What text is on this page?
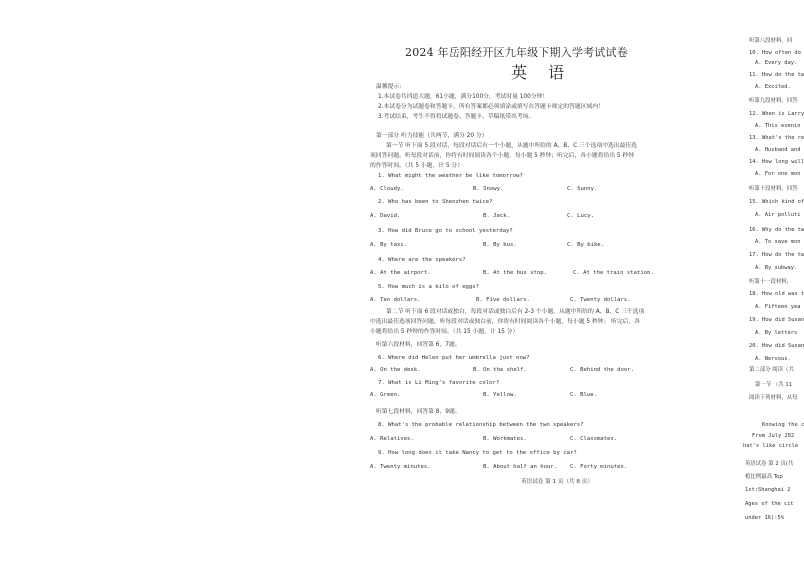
2024 年岳阳经开区九年级下期入学考试试卷
英 语
温馨提示：
1.本试卷共四道大题，61小题，满分100分，考试时量 100分钟！
2.本试卷分为试题卷和答题卡，所有答案都必须填涂或填写在答题卡规定的答题区域内！
3.考试结束，考生不得将试题卷、答题卡、草稿纸带出考场。
第一部分 听力技能（共两节，满分 20 分）
第一节 听下面 5 段对话，每段对话后有一个小题，从题中所给的 A、B、C 三个选项中选出最佳选
项回答问题。听每段对话前，你将有时间阅读各个小题，每小题 5 秒钟；听完后，各小题将给出 5 秒钟
的作答时间。（共 5 小题，计 5 分）
1. What might the weather be like tomorrow?
A. Cloudy.	B. Snowy.	C. Sunny.
2. Who has been to Shenzhen twice?
A. David.	B. Jack.	C. Lucy.
3. How did Bruce go to school yesterday?
A. By taxi.	B. By bus.	C. By bike.
4. Where are the speakers?
A. At the airport.	B. At the bus stop.	C. At the train station.
5. How much is a kilo of eggs?
A. Ten dollars.	B. Five dollars.	C. Twenty dollars.
第二节 听下面 6 段对话或独白，每段对话或独白后有 2-3 个小题，从题中所给的 A、B、C 三个选项
中选出最佳选项回答问题。听每段对话或独白前，你将有时间阅读各个小题，每小题 5 秒钟； 听完后，各
小题将给出 5 秒钟的作答时间。（共 15 小题，计 15 分）
听第六段材料，回答第 6、7题。
6. Where did Helen put her umbrella just now?
A. On the desk.	B. On the shelf.	C. Behind the door.
7. What is Li Ming's favorite color?
A. Green.	B. Yellow.	C. Blue.
听第七段材料，回答第 8、9题。
8. What's the probable relationship between the two speakers?
A. Relatives.	B. Workmates.	C. Classmates.
9. How long does it take Nancy to get to the office by car?
A. Twenty minutes.	B. About half an hour. C. Forty minutes.
英语试卷 第 1 页（共 8 页）
听第八段材料，回
10. How often do
A. Every day.
11. How do the tw
A. Excited.
听第九段材料，回答
12. When is Larry
A. This evenin
13. What's the re
A. Husband and
14. How long will
A. For one mon
听第十段材料，回答
15. Which kind of
A. Air polluti
16. Why do the tw
A. To save mon
17. How do the tw
A. By subway.
听第十一段材料，
18. How old was t
A. Fifteen yea
19. How did Susan
A. By letters
20. How did Susan
A. Nervous.
第二部分 阅读（共
第一节 （共 11
阅读下列材料，从每
Knowing the c
From July 202
hat's like circle
英语试卷 第 2 页(共
植比例最高 Top
1st:Shanghai 2
Ages of the cit
under 16):5%
